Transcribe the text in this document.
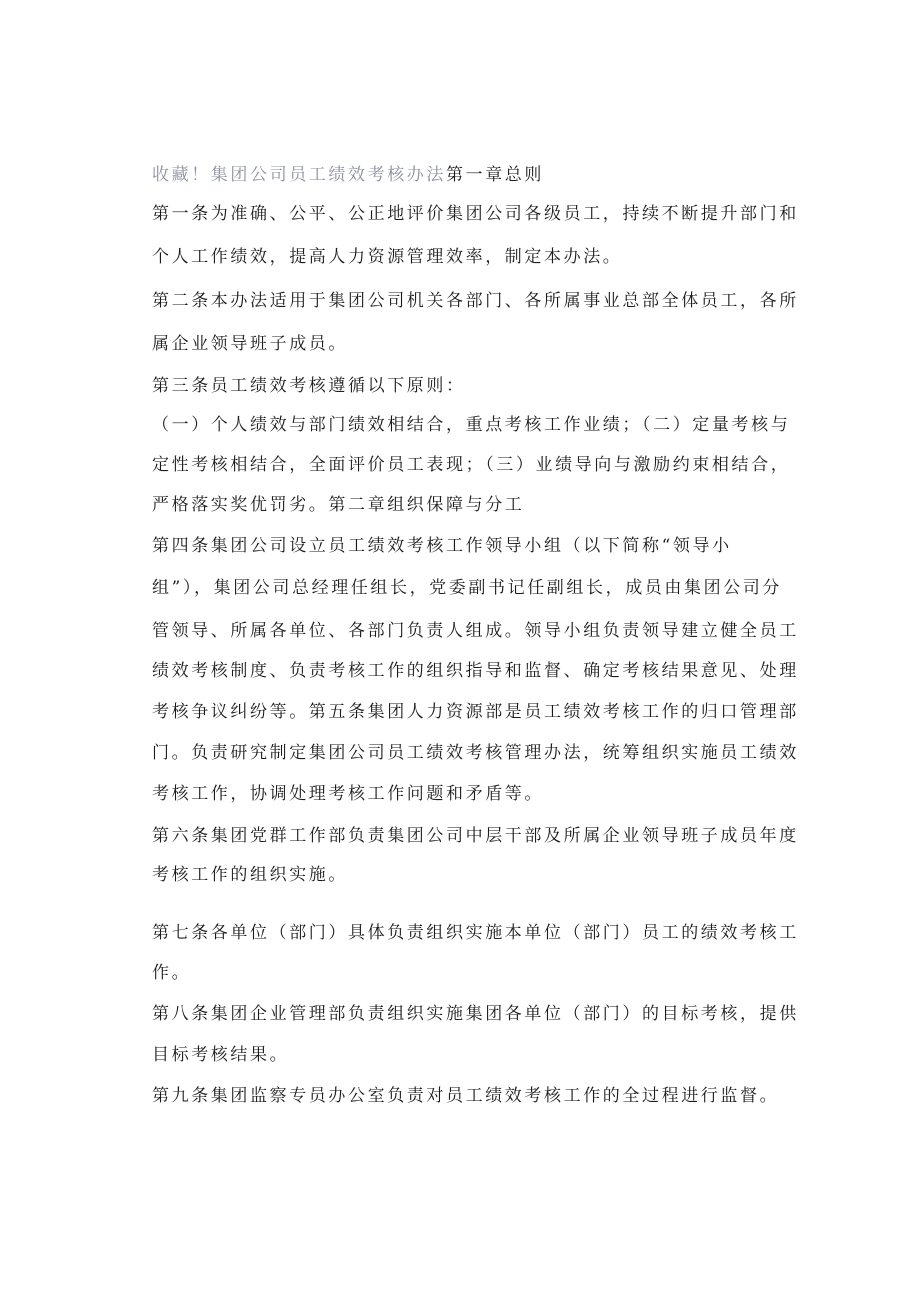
收藏！集团公司员工绩效考核办法第一章总则
第一条为准确、公平、公正地评价集团公司各级员工，持续不断提升部门和
个人工作绩效，提高人力资源管理效率，制定本办法。
第二条本办法适用于集团公司机关各部门、各所属事业总部全体员工，各所
属企业领导班子成员。
第三条员工绩效考核遵循以下原则：
（一）个人绩效与部门绩效相结合，重点考核工作业绩；（二）定量考核与
定性考核相结合，全面评价员工表现；（三）业绩导向与激励约束相结合，
严格落实奖优罚劣。第二章组织保障与分工
第四条集团公司设立员工绩效考核工作领导小组（以下简称“领导小
组”），集团公司总经理任组长，党委副书记任副组长，成员由集团公司分
管领导、所属各单位、各部门负责人组成。领导小组负责领导建立健全员工
绩效考核制度、负责考核工作的组织指导和监督、确定考核结果意见、处理
考核争议纠纷等。第五条集团人力资源部是员工绩效考核工作的归口管理部
门。负责研究制定集团公司员工绩效考核管理办法，统筹组织实施员工绩效
考核工作，协调处理考核工作问题和矛盾等。
第六条集团党群工作部负责集团公司中层干部及所属企业领导班子成员年度
考核工作的组织实施。
第七条各单位（部门）具体负责组织实施本单位（部门）员工的绩效考核工
作。
第八条集团企业管理部负责组织实施集团各单位（部门）的目标考核，提供
目标考核结果。
第九条集团监察专员办公室负责对员工绩效考核工作的全过程进行监督。
